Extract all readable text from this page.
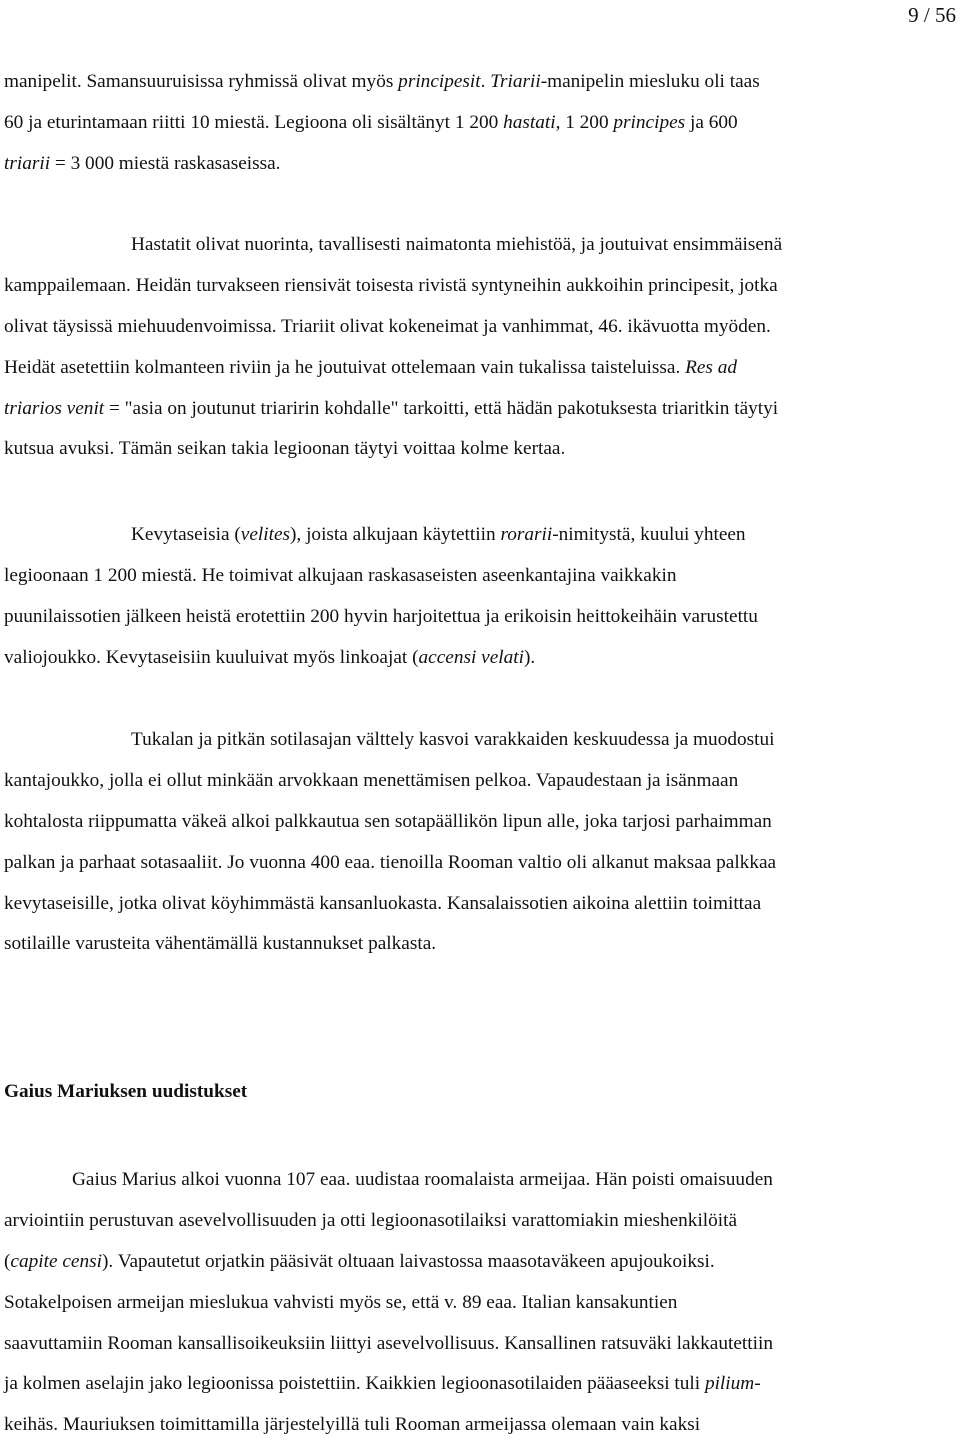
9 / 56
manipelit. Samansuuruisissa ryhmissä olivat myös principesit. Triarii-manipelin miesluku oli taas
60 ja eturintamaan riitti 10 miestä. Legioona oli sisältänyt 1 200 hastati, 1 200 principes ja 600
triarii = 3 000 miestä raskasaseissa.
Hastatit olivat nuorinta, tavallisesti naimatonta miehistöä, ja joutuivat ensimmäisenä
kamppailemaan. Heidän turvakseen riensivät toisesta rivistä syntyneihin aukkoihin principesit, jotka
olivat täysissä miehuudenvoimissa. Triariit olivat kokeneimat ja vanhimmat, 46. ikävuotta myöden.
Heidät asetettiin kolmanteen riviin ja he joutuivat ottelemaan vain tukalissa taisteluissa. Res ad
triarios venit = "asia on joutunut triaririn kohdalle" tarkoitti, että hädän pakotuksesta triaritkin täytyi
kutsua avuksi. Tämän seikan takia legioonan täytyi voittaa kolme kertaa.
Kevytaseisia (velites), joista alkujaan käytettiin rorarii-nimitystä, kuului yhteen
legioonaan 1 200 miestä. He toimivat alkujaan raskasaseisten aseenkantajina vaikkakin
puunilaissotien jälkeen heistä erotettiin 200 hyvin harjoitettua ja erikoisin heittokeihäin varustettu
valiojoukko. Kevytaseisiin kuuluivat myös linkoajat (accensi velati).
Tukalan ja pitkän sotilasajan välttely kasvoi varakkaiden keskuudessa ja muodostui
kantajoukko, jolla ei ollut minkään arvokkaan menettämisen pelkoa. Vapaudestaan ja isänmaan
kohtalosta riippumatta väkeä alkoi palkkautua sen sotapäällikön lipun alle, joka tarjosi parhaimman
palkan ja parhaat sotasaaliit. Jo vuonna 400 eaa. tienoilla Rooman valtio oli alkanut maksaa palkkaa
kevytaseisille, jotka olivat köyhimmästä kansanluokasta. Kansalaissotien aikoina alettiin toimittaa
sotilaille varusteita vähentämällä kustannukset palkasta.
Gaius Mariuksen uudistukset
Gaius Marius alkoi vuonna 107 eaa. uudistaa roomalaista armeijaa. Hän poisti omaisuuden
arviointiin perustuvan asevelvollisuuden ja otti legioonasotilaiksi varattomiakin mieshenkilöitä
(capite censi). Vapautetut orjatkin pääsivät oltuaan laivastossa maasotaväkeen apujoukoiksi.
Sotakelpoisen armeijan mieslukua vahvisti myös se, että v. 89 eaa. Italian kansakuntien
saavuttamiin Rooman kansallisoikeuksiin liittyi asevelvollisuus. Kansallinen ratsuväki lakkautettiin
ja kolmen aselajin jako legioonissa poistettiin. Kaikkien legioonasotilaiden pääaseeksi tuli pilium-
keihäs. Mauriuksen toimittamilla järjestelyillä tuli Rooman armeijassa olemaan vain kaksi
